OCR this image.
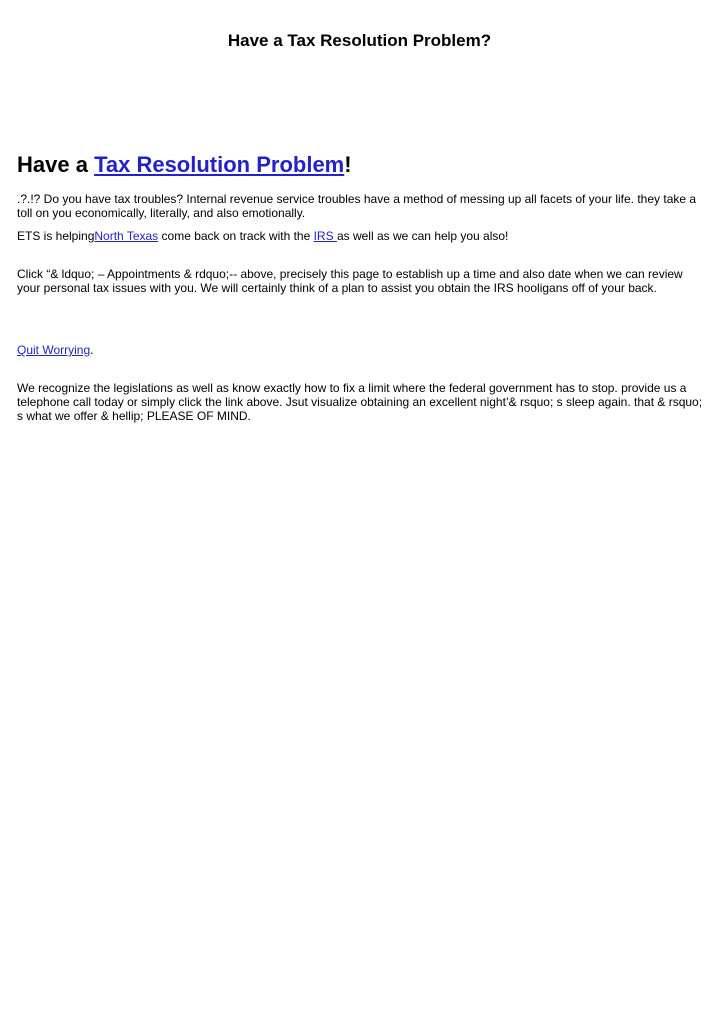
Have a Tax Resolution Problem?
Have a Tax Resolution Problem!

.?.!? Do you have tax troubles? Internal revenue service troubles have a method of messing up all facets of your life. they take a toll on you economically, literally, and also emotionally.

ETS is helpingNorth Texas come back on track with the IRS as well as we can help you also!

Click “& ldquo; – Appointments & rdquo;-- above, precisely this page to establish up a time and also date when we can review your personal tax issues with you. We will certainly think of a plan to assist you obtain the IRS hooligans off of your back.

Quit Worrying.

We recognize the legislations as well as know exactly how to fix a limit where the federal government has to stop. provide us a telephone call today or simply click the link above. Jsut visualize obtaining an excellent night’& rsquo; s sleep again. that & rsquo; s what we offer & hellip; PLEASE OF MIND.
